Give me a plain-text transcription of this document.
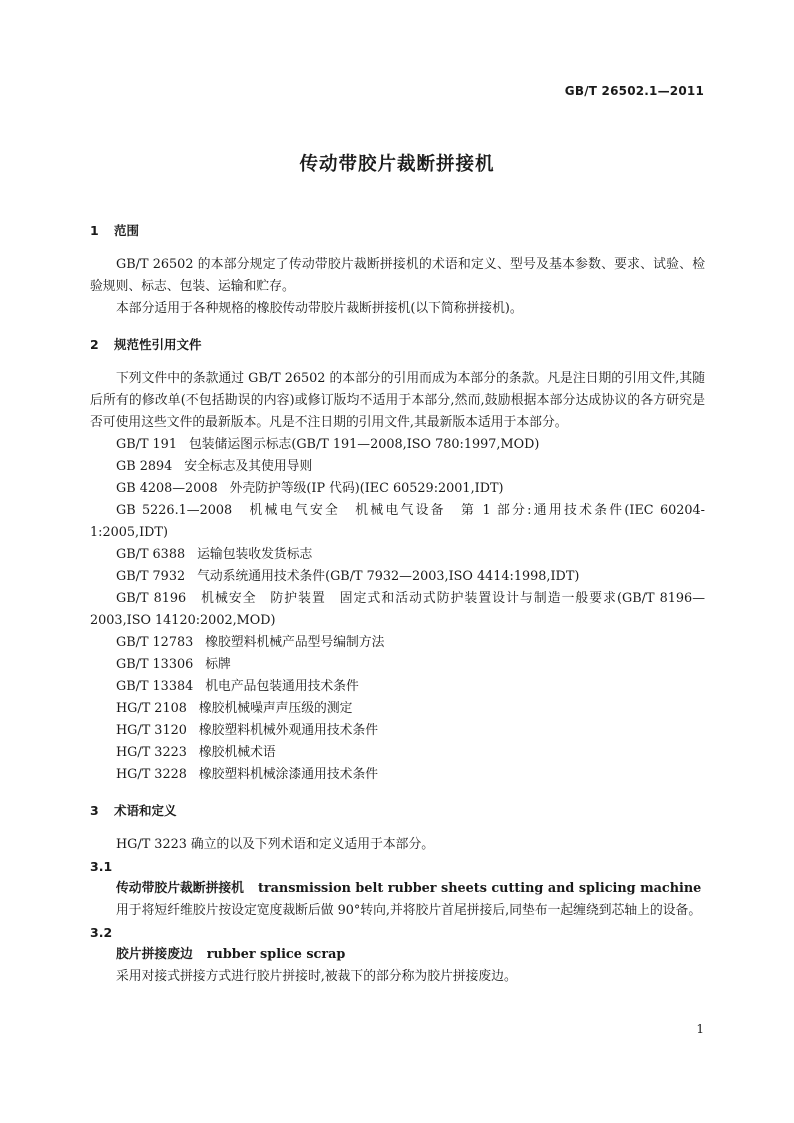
GB/T 26502.1—2011
传动带胶片裁断拼接机
1 范围
GB/T 26502 的本部分规定了传动带胶片裁断拼接机的术语和定义、型号及基本参数、要求、试验、检验规则、标志、包装、运输和贮存。
本部分适用于各种规格的橡胶传动带胶片裁断拼接机(以下简称拼接机)。
2 规范性引用文件
下列文件中的条款通过 GB/T 26502 的本部分的引用而成为本部分的条款。凡是注日期的引用文件,其随后所有的修改单(不包括勘误的内容)或修订版均不适用于本部分,然而,鼓励根据本部分达成协议的各方研究是否可使用这些文件的最新版本。凡是不注日期的引用文件,其最新版本适用于本部分。
GB/T 191 包装储运图示标志(GB/T 191—2008,ISO 780:1997,MOD)
GB 2894 安全标志及其使用导则
GB 4208—2008 外壳防护等级(IP 代码)(IEC 60529:2001,IDT)
GB 5226.1—2008　机械电气安全　机械电气设备　第 1 部分:通用技术条件(IEC 60204-1:2005,IDT)
GB/T 6388 运输包装收发货标志
GB/T 7932 气动系统通用技术条件(GB/T 7932—2003,ISO 4414:1998,IDT)
GB/T 8196　机械安全　防护装置　固定式和活动式防护装置设计与制造一般要求(GB/T 8196—2003,ISO 14120:2002,MOD)
GB/T 12783 橡胶塑料机械产品型号编制方法
GB/T 13306 标牌
GB/T 13384 机电产品包装通用技术条件
HG/T 2108 橡胶机械噪声声压级的测定
HG/T 3120 橡胶塑料机械外观通用技术条件
HG/T 3223 橡胶机械术语
HG/T 3228 橡胶塑料机械涂漆通用技术条件
3 术语和定义
HG/T 3223 确立的以及下列术语和定义适用于本部分。
3.1
传动带胶片裁断拼接机 transmission belt rubber sheets cutting and splicing machine
用于将短纤维胶片按设定宽度裁断后做 90°转向,并将胶片首尾拼接后,同垫布一起缠绕到芯轴上的设备。
3.2
胶片拼接废边 rubber splice scrap
采用对接式拼接方式进行胶片拼接时,被裁下的部分称为胶片拼接废边。
1
